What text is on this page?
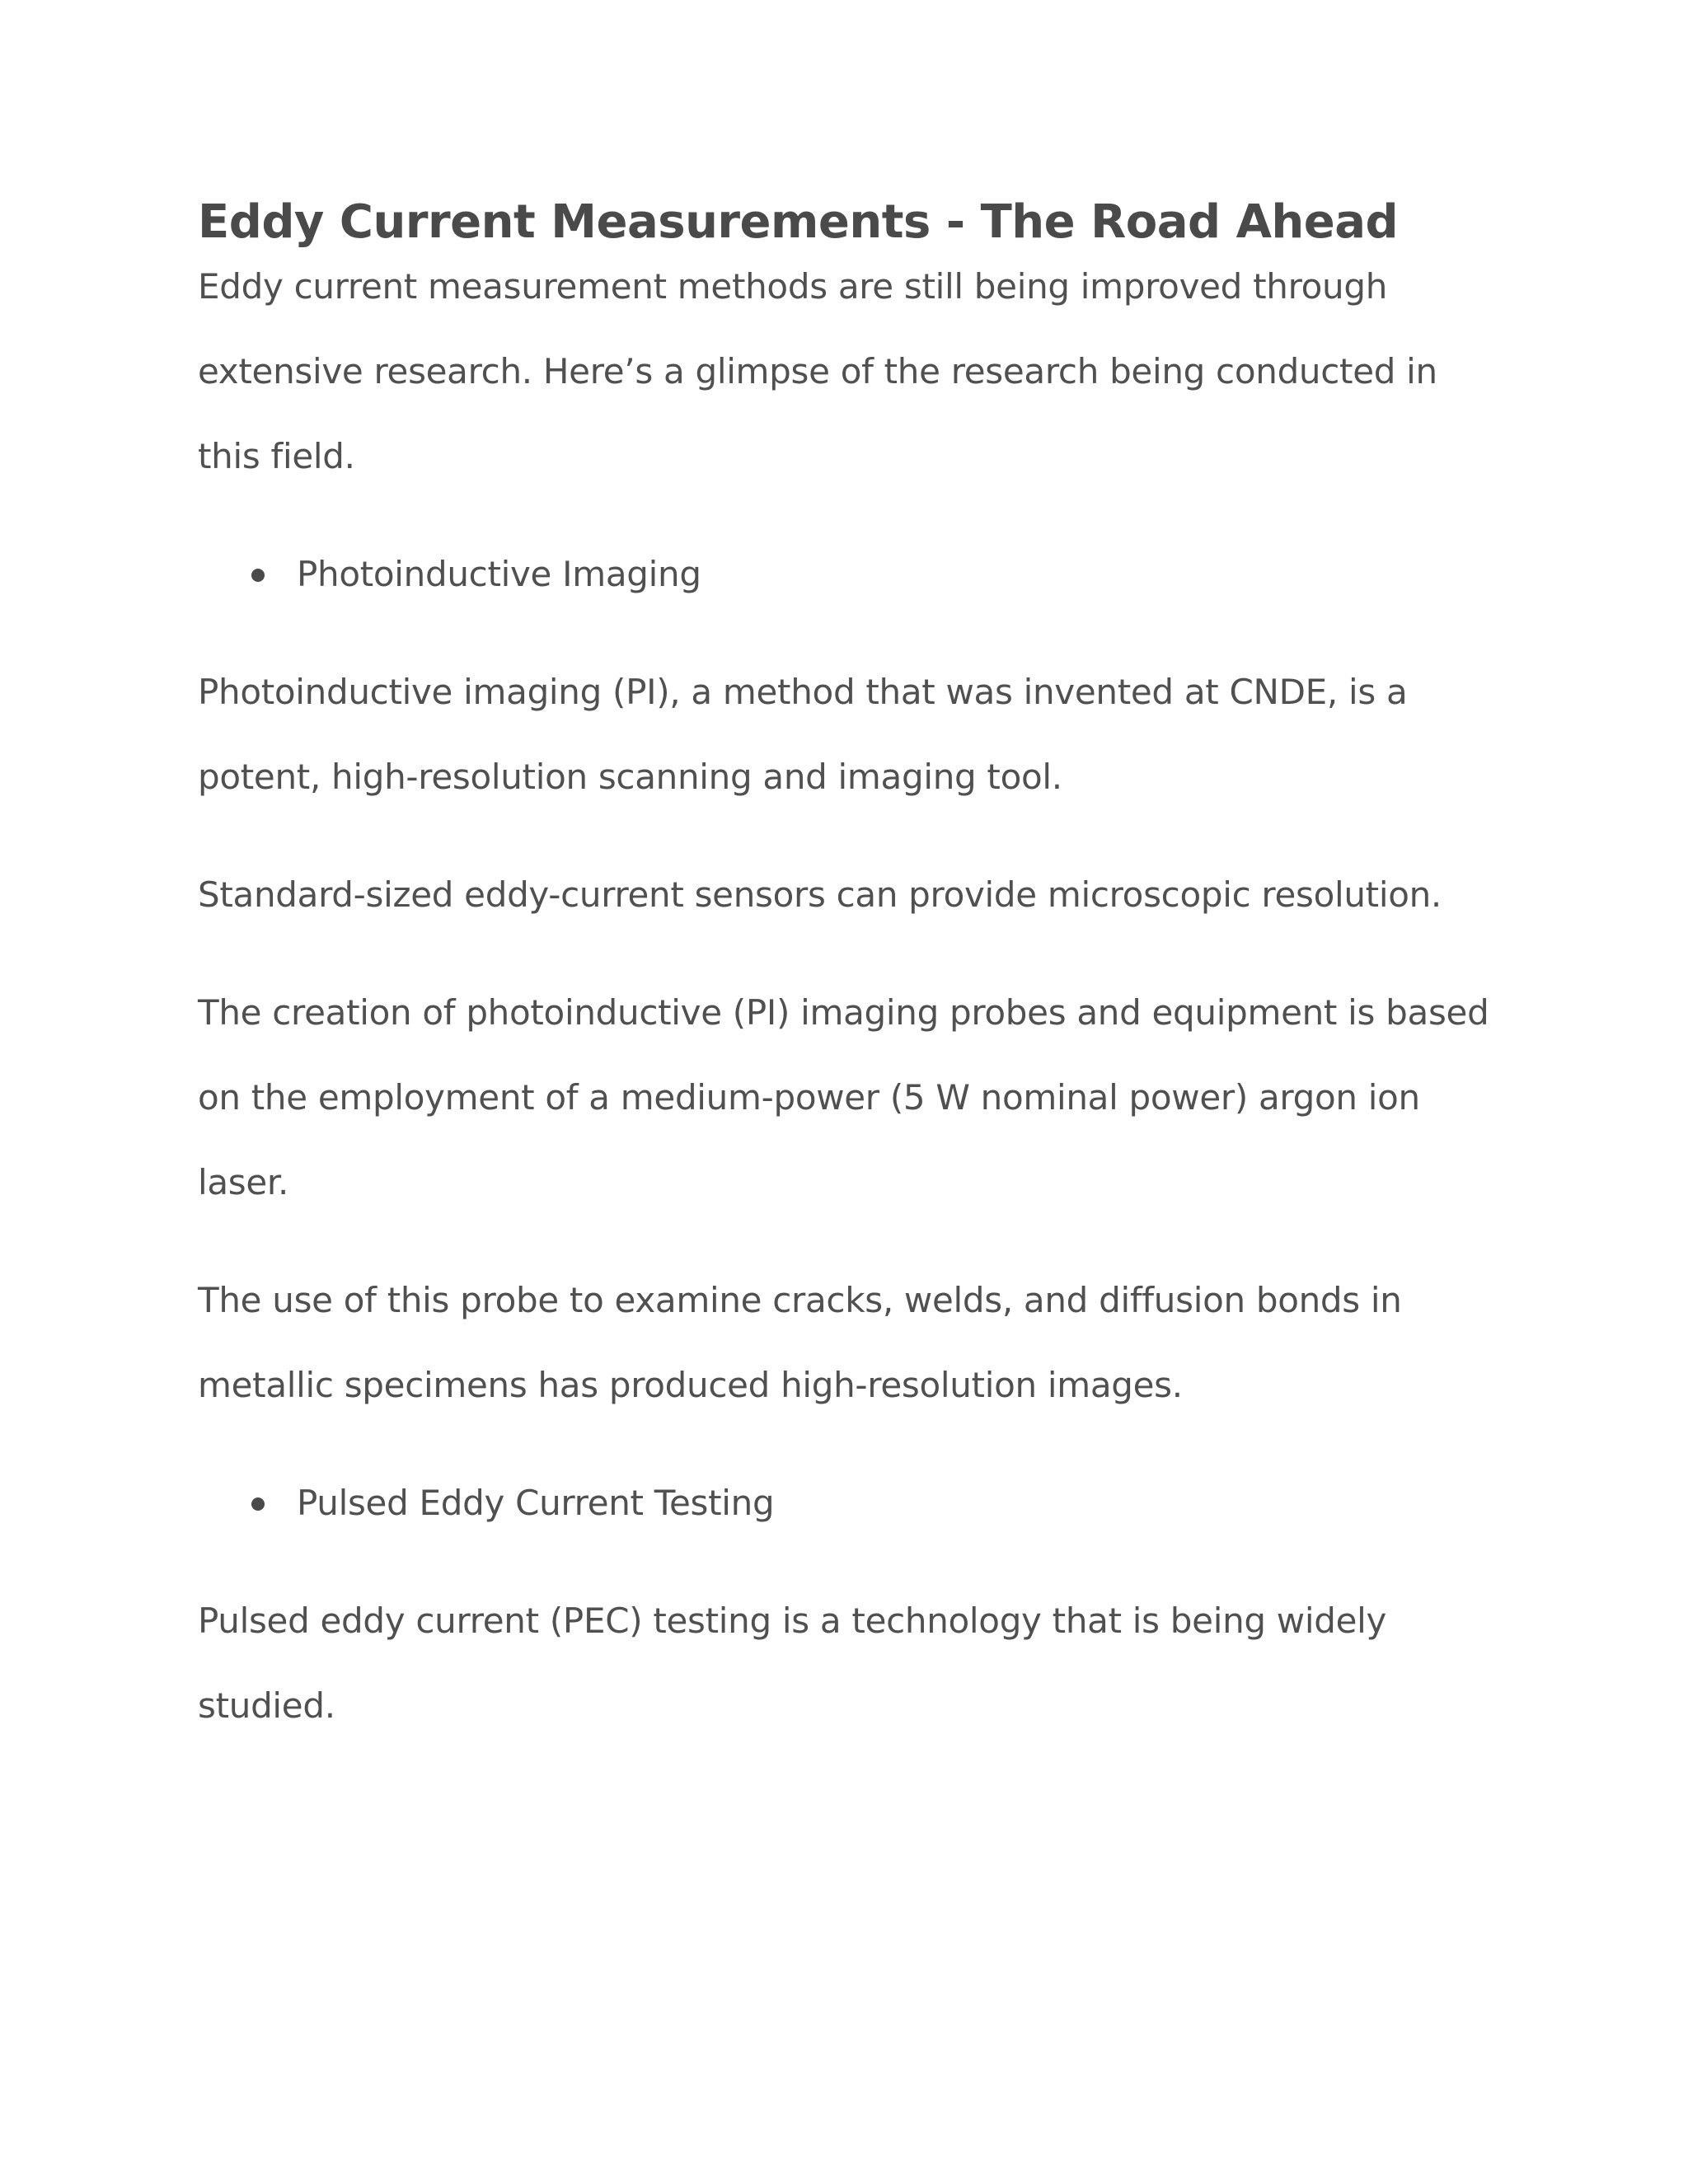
Eddy Current Measurements - The Road Ahead

Eddy current measurement methods are still being improved through extensive research. Here’s a glimpse of the research being conducted in this field.

Photoinductive Imaging

Photoinductive imaging (PI), a method that was invented at CNDE, is a potent, high-resolution scanning and imaging tool.

Standard-sized eddy-current sensors can provide microscopic resolution.

The creation of photoinductive (PI) imaging probes and equipment is based on the employment of a medium-power (5 W nominal power) argon ion laser.

The use of this probe to examine cracks, welds, and diffusion bonds in metallic specimens has produced high-resolution images.

Pulsed Eddy Current Testing

Pulsed eddy current (PEC) testing is a technology that is being widely studied.
